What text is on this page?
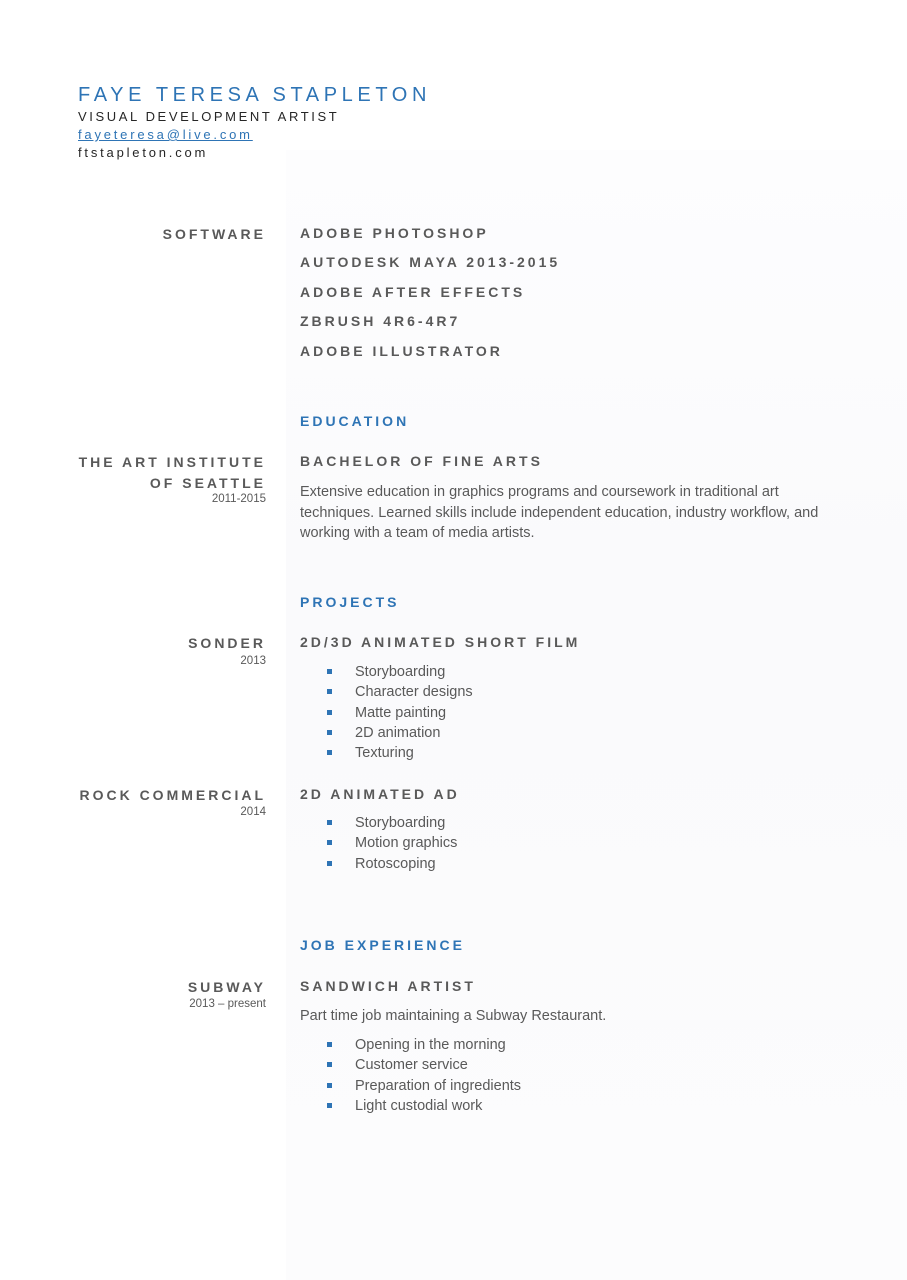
FAYE TERESA STAPLETON
VISUAL DEVELOPMENT ARTIST
fayeteresa@live.com
ftstapleton.com
SOFTWARE ADOBE PHOTOSHOP
AUTODESK MAYA 2013-2015
ADOBE AFTER EFFECTS
ZBRUSH 4R6-4R7
ADOBE ILLUSTRATOR
EDUCATION
THE ART INSTITUTE
OF SEATTLE
2011-2015
BACHELOR OF FINE ARTS
Extensive education in graphics programs and coursework in traditional art techniques. Learned skills include independent education, industry workflow, and working with a team of media artists.
PROJECTS
SONDER
2013
2D/3D ANIMATED SHORT FILM
Storyboarding
Character designs
Matte painting
2D animation
Texturing
ROCK COMMERCIAL
2014
2D ANIMATED AD
Storyboarding
Motion graphics
Rotoscoping
JOB EXPERIENCE
SUBWAY
2013 – present
SANDWICH ARTIST
Part time job maintaining a Subway Restaurant.
Opening in the morning
Customer service
Preparation of ingredients
Light custodial work
